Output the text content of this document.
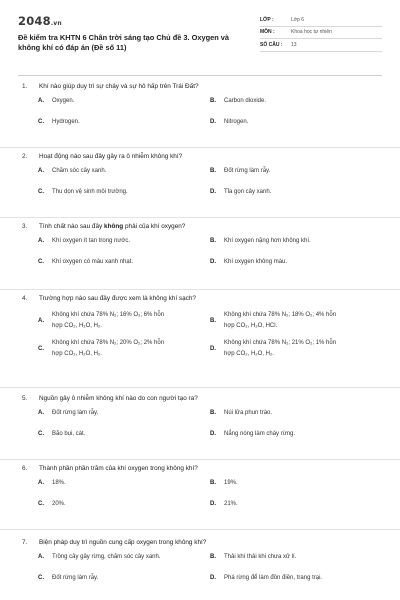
2048.vn
Đề kiểm tra KHTN 6 Chân trời sáng tạo Chủ đề 3. Oxygen và không khí có đáp án (Đề số 11)
LỚP :	Lớp 6
MÔN :	Khoa học tự nhiên
SỐ CÂU :	13
1.	Khí nào giúp duy trì sự cháy và sự hô hấp trên Trái Đất?
A.	Oxygen.	B.	Carbon dioxide.
C.	Hydrogen.	D.	Nitrogen.
2.	Hoạt động nào sau đây gây ra ô nhiễm không khí?
A.	Chăm sóc cây xanh.	B.	Đốt rừng làm rẫy.
C.	Thu dọn vệ sinh môi trường.	D.	Tỉa gọn cây xanh.
3.	Tính chất nào sau đây không phải của khí oxygen?
A.	Khí oxygen ít tan trong nước.	B.	Khí oxygen nặng hơn không khí.
C.	Khí oxygen có màu xanh nhạt.	D.	Khí oxygen không màu.
4.	Trường hợp nào sau đây được xem là không khí sạch?
A.
Không khí chứa 78% N₂; 16% O₂; 6% hỗn
hợp CO₂, H₂O, H₂.
B.
Không khí chứa 78% N₂; 18% O₂; 4% hỗn
hợp CO₂, H₂O, HCl.
C.
Không khí chứa 78% N₂; 20% O₂; 2% hỗn
hợp CO₂, H₂O, H₂.
D.
Không khí chứa 78% N₂; 21% O₂; 1% hỗn
hợp CO₂, H₂O, H₂.
5.	Nguồn gây ô nhiễm không khí nào do con người tạo ra?
A.	Đốt rừng làm rẫy.	B.	Núi lửa phun trào.
C.	Bão bụi, cát.	D.	Nắng nóng làm cháy rừng.
6.	Thành phần phần trăm của khí oxygen trong không khí?
A.	18%.	B.	19%.
C.	20%.	D.	21%.
7.	Biện pháp duy trì nguồn cung cấp oxygen trong không khí?
A.	Trồng cây gây rừng, chăm sóc cây xanh.	B.	Thải khí thải khi chưa xử lí.
C.	Đốt rừng làm rẫy.	D.	Phá rừng để làm đồn điền, trang trại.
